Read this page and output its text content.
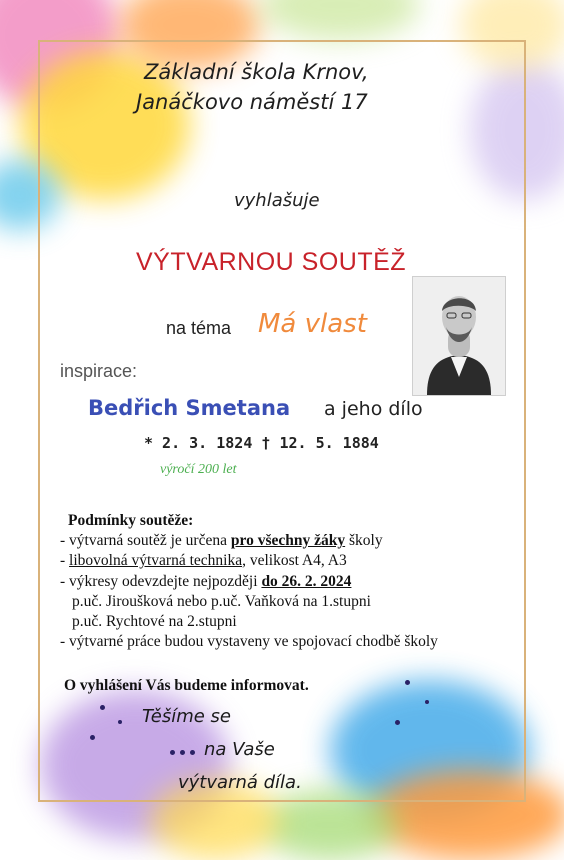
Základní škola Krnov,
Janáčkovo náměstí 17
vyhlašuje
VÝTVARNOU SOUTĚŽ
na téma Má vlast
inspirace:
Bedřich Smetana a jeho dílo
* 2. 3. 1824 † 12. 5. 1884
výročí 200 let
Podmínky soutěže:
- výtvarná soutěž je určena pro všechny žáky školy
- libovolná výtvarná technika, velikost A4, A3
- výkresy odevzdejte nejpozději do 26. 2. 2024
p.uč. Jiroušková nebo p.uč. Vaňková na 1.stupni
p.uč. Rychtové na 2.stupni
- výtvarné práce budou vystaveny ve spojovací chodbě školy
O vyhlášení Vás budeme informovat.
Těšíme se
na Vaše
výtvarná díla.
